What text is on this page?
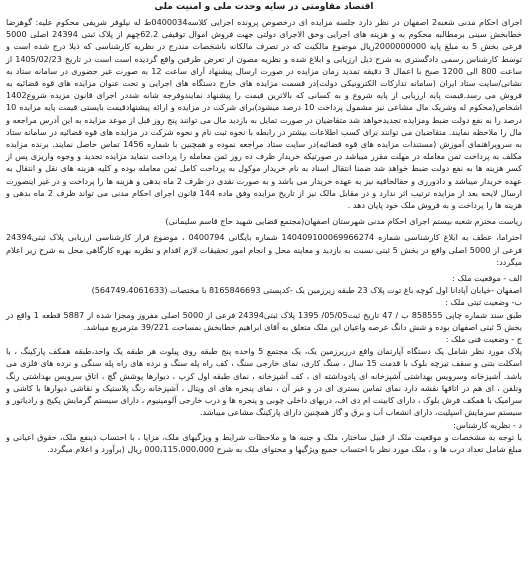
اقتصاد مقاومتی در سایه وحدت ملی و امنیت ملی

اجرای احکام مدنی شعبه2 اصفهان در نظر دارد جلسه مزایده ای درخصوص پرونده اجرایی کلاسه0400034ط له نیلوفر شریفی محکوم علیه: گوهرضا خطابخش سینی برمطالبه محکوم به و هزینه های اجرایی وحق الاجرای دولتی جهت فروش اموال توقیفی 62.2چهم از پلاک ثبتی 24394 اصلی 5000 فرعی بخش 5 به مبلغ پایه 2000000000ریال موضوع مالکیت که در تصرف مالکانه باشخصات مندرج در نظریه کارشناسی که ذیلا درج شده است و توسط کارشناس رسمی دادگستری به شرح ذیل ارزیابی و ابلاغ شده و نظریه مصون از تعرض طرفین واقع گردیده است است در تاریخ 1405/02/23 از ساعت 800 الی 1200 صبح با اعمال 3 دقیقه تمدید زمان مزایده در صورت ارسال پیشنهاد آرای ساعت 12 به صورت غیر حضوری در سامانه ستاد به نشانی/سایت ستاد ایران (سامانه تدارکات الکترونیکی دولت)در قسمت مزایده های خارج دستگاه های اجرایی و تحت عنوان مزایده های قوه قضائیه به فروش می رسد.قیمت پایه ارزیابی از پایه شروع و به کسانی که بالاترین قیمت را پیشنهاد نمایندوفرجه شانه شددر اجرای قانون مزیده شروع1402 اشخاص(محکوم له وشریک مال مشاعی نیز مشمول پرداخت 10 درصد میشود)برای شرکت در مزایده و ارائه پیشنهادقیمت بایستی قیمت پایه مزایده 10 درصد را به نفع دولت ضبط ومزایده تجدیدخواهد شد متقاضیان در صورت تمایل به بازدید مال می توانند پنج روز قبل از موعد مزایده به این آدرس مراجعه و مال را ملاحظه نمایند. متقاضیان می توانند برای کسب اطلاعات بیشتر در رابطه با نحوه ثبت نام و نحوه شرکت در مزایده های قوه قضائیه در سامانه ستاد به سرویراهنمای آموزش (مستندات مزایده های قوه قضائیه)در سایت ستاد مراجعه نموده و همچنین با شماره 1456 تماس حاصل نمایند. برنده مزایده مکلف به پرداخت ثمن معامله در مهلت مقرر میباشد در صورتیکه خریدار ظرف ده روز ثمن معامله را پرداخت ننماید مزایده تجدید و وجوه واریزی پس از کسر هزینه ها به نفع دولت ضبط خواهد شد ضمنا انتقال اسناد به نام خریدار موکول به پرداخت کامل ثمن معامله بوده و کلیه هزینه های نقل و انتقال به عهده خریدار میباشد و دادورزی و حقالحاقیه نیز به عهده خریدار می باشد و به صورت نقدی در ظرف 2 ماه بدهی و هزینه ها را پرداخت و در غیر اینصورت ارسال لایحه بعد از مزایده ترتیب اثر ندارد و در مقابل مالک نیز از تاریخ مزایده وفق ماده 144 قانون اجرای احکام مدنی می تواند ظرف 2 ماه بدهی و هزینه ها را پرداخت و به فروش ملک خود پایان دهد .

رياست محترم شعبه بیستم اجرای احکام مدنی شهرستان اصفهان(مجتمع قضایی شهید حاج قاسم سلیمانی)

احتراما، عطف به ابلاغ کارشناسی شماره 140409100069966274 شماره بایگانی 0400794 ، موضوع قرار کارشناسی ارزیابی پلاک ثبتی24394 فرعی از 5000 اصلی واقع در بخش 5 ثبتی نسبت به بازدید و معاینه محل و انجام امور تحقیقات لازم اقدام و نظریه بهره کارگاهی محل به شرح زیر اعلام میگردد:

الف - موقعیت ملک :

اصفهان -خیابان آپادانا اول کوچه باغ توت پلاک 23 طبقه زیرزمین یک -کدپستی 8165846693 با مختصات (564749،4061633)

ب- وضعیت ثبتی ملک :

طبق سند شماره چاپی 858555 ب / 47 تاریخ ثبت05/05/ 1395 پلاک ثبتی24394 فرعی از 5000 اصلی مفروز ومجزا شده از 5887 قطعه 1 واقع در بخش 5 ثبتی اصفهان بوده و شش دانگ عرصه واعیان این ملک متعلق به آقای ابراهیم خطابخش بمساحت 39/221 مترمربع میباشد.

ج - وضعیت فنی ملک :

پلاک مورد نظر شامل یک دستگاه آپارتمان واقع درزیرزمین یک، یک مجتمع 5 واحده پنج طبقه روی پیلوت هر طبقه یک واحد،طبقه همکف پارکینگ ، با اسکلت بتنی و سقف تیرچه بلوک با قدمت 15 سال ، سنگ کاری، نمای خارجی سنگ ، کف راه پله سنگ و نرده های راه پله سنگی و نرده های فلزی می باشد. آشپزخانه وسرویس بهداشتی آشپزخانه ای پادوداشته ای ، کف آشپزخانه ، نمای طبقه اول کرپ ، دیوارها پوشش گچ ، اتاق سرویس بهداشتی رنگ وتلفن ، ای هم در اتاقها نقشه دارد نمای تماس بستری ای در و غیر آن ، نمای پنجره های ای ویتال ، آشپزخانه رنگ پلاستیک و نقاشی دیوارها با کاشی و سرامیک با همکف فرش بلوک ، دارای کابینت ام دی اف، دربهای داخلی چوبی و پنجره ها و درب خارجی آلومینیوم ، دارای سیستم گرمایش پکیج و رادیاتور و سیستم سرمایش اسپلیت، دارای انشعاب آب و برق و گاز همچنین دارای پارکینگ مشاعی میباشد.

د - نظریه کارشناس:

با توجه به مشخصات و موقعیت ملک از قبیل ساختار، ملک و جنبه ها و ملاحظات شرایط و ویژگیهای ملک، مزایا ، با احتساب ذینفع ملک، حقوق اعیانی و مبلغ شامل تعداد درب ها و ، ملک مورد نظر با احتساب جمیع ویژگیها و محتوای ملک به شرح 000،115،000،000 ریال (برآورد و اعلام میگردد.
